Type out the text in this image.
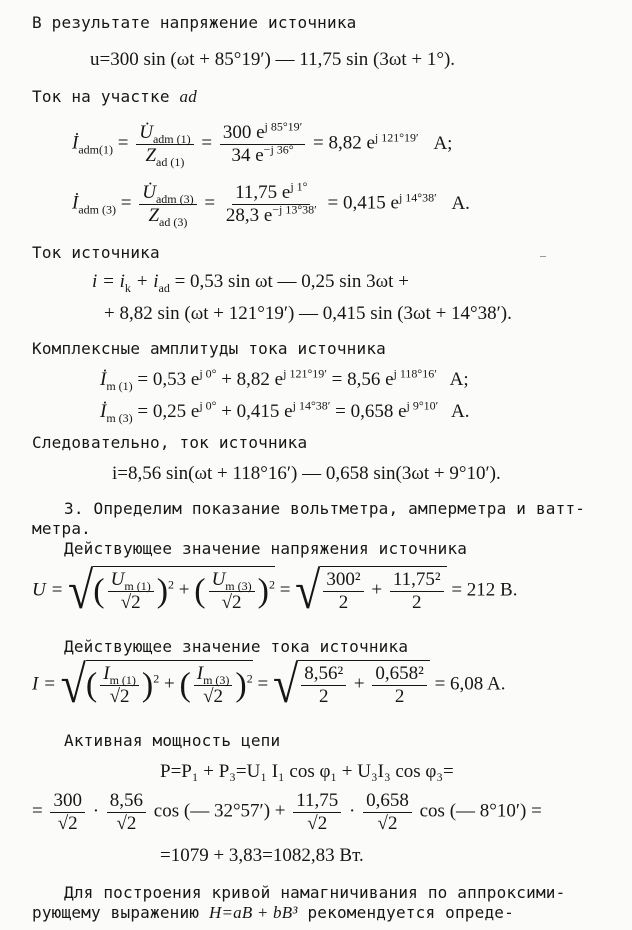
В результате напряжение источника
u=300 sin (ωt + 85°19′) — 11,75 sin (3ωt + 1°).
Ток на участке ad
$İ_{adm(1)} = \frac{U̇_{adm (1)}}{Z_{ad (1)}} = \frac{300 e^{j 85^\circ 19'}}{34 e^{-j 36^\circ}} = 8,82$ $e^{j 121^\circ 19'}$ A;
$İ_{adm (3)} = \frac{U̇_{adm (3)}}{Z_{ad (3)}} = \frac{11,75 e^{j 1^\circ}}{28,3 e^{-j 13^\circ 38'}} = 0,415$ $e^{j 14^\circ 38'}$ A.
Ток источника
$i = i_k + i_{ad} = 0,53$ sin ωt — 0,25 sin 3ωt +
+ 8,82 sin (ωt + 121°19′) — 0,415 sin (3ωt + 14°38′).
Комплексные амплитуды тока источника
$İ_{m (1)} = 0,53$ $e^{j 0^\circ} + 8,82$ $e^{j 121^\circ 19'} = 8,56$ $e^{j 118^\circ 16'}$ A;
$İ_{m (3)} = 0,25$ $e^{j 0^\circ} + 0,415$ $e^{j 14^\circ 38'} = 0,658$ $e^{j 9^\circ 10'}$ A.
Следовательно, ток источника
i=8,56 sin(ωt + 118°16′) — 0,658 sin(3ωt + 9°10′).
3. Определим показание вольтметра, амперметра и ватт-
метра.
Действующее значение напряжения источника
U = √( $\frac{U_{m (1)}}{√2} )^2$ + ( $\frac{U_{m (3)}}{√2} )^2$ = √ $\frac{\text{300²}}{2} + \frac{\text{11,75²}}{2} = 212$ В.
Действующее значение тока источника
I = √( $\frac{I_{m (1)}}{√2} )^2$ + ( $\frac{I_{m (3)}}{√2} )^2$ = √ $\frac{\text{8,56²}}{2} + \frac{\text{0,658²}}{2} = 6,08$ A.
Активная мощность цепи
P=P₁ + P₃=U₁ I₁ cos φ₁ + U₃I₃ cos φ₃=
= $\frac{300}{√2} \cdot \frac{8,56}{√2}$ cos (— $32^\circ 57') + \frac{11,75}{√2} \cdot \frac{0,658}{√2}$ cos (— 8°10′) =
=1079 + 3,83=1082,83 Вт.
Для построения кривой намагничивания по аппроксими-
рующему выражению H=aB + bB³ рекомендуется опреде-
